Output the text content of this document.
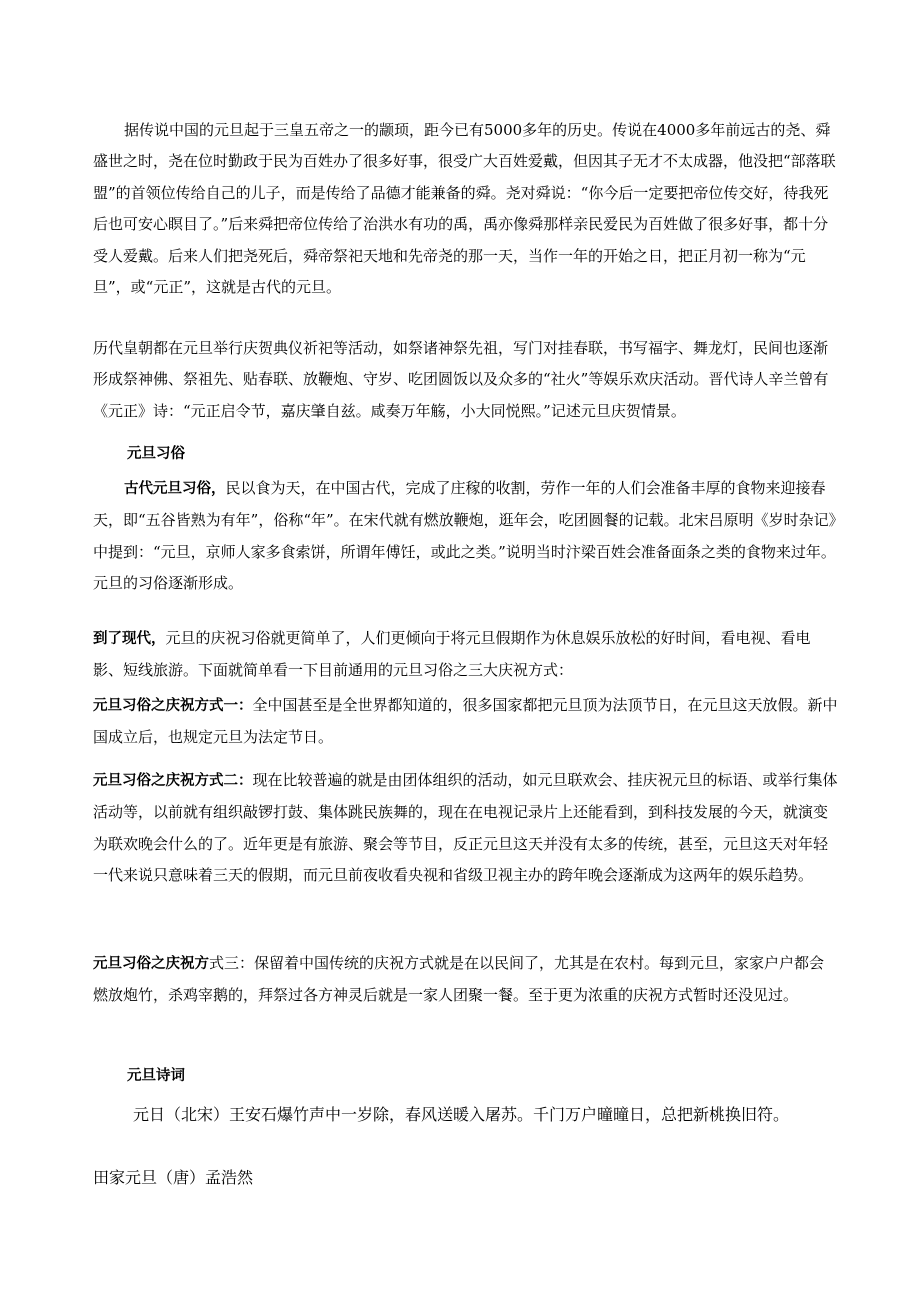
据传说中国的元旦起于三皇五帝之一的颛顼，距今已有5000多年的历史。传说在4000多年前远古的尧、舜盛世之时，尧在位时勤政于民为百姓办了很多好事，很受广大百姓爱戴，但因其子无才不太成器，他没把“部落联盟”的首领位传给自己的儿子，而是传给了品德才能兼备的舜。尧对舜说：“你今后一定要把帝位传交好，待我死后也可安心瞑目了。”后来舜把帝位传给了治洪水有功的禹，禹亦像舜那样亲民爱民为百姓做了很多好事，都十分受人爱戴。后来人们把尧死后，舜帝祭祀天地和先帝尧的那一天，当作一年的开始之日，把正月初一称为“元旦”，或“元正”，这就是古代的元旦。

历代皇朝都在元旦举行庆贺典仪祈祀等活动，如祭诸神祭先祖，写门对挂春联，书写福字、舞龙灯，民间也逐渐形成祭神佛、祭祖先、贴春联、放鞭炮、守岁、吃团圆饭以及众多的“社火”等娱乐欢庆活动。晋代诗人辛兰曾有《元正》诗：“元正启令节，嘉庆肇自兹。咸奏万年觞，小大同悦熙。”记述元旦庆贺情景。

元旦习俗

古代元旦习俗，民以食为天，在中国古代，完成了庄稼的收割，劳作一年的人们会准备丰厚的食物来迎接春天，即“五谷皆熟为有年”，俗称“年”。在宋代就有燃放鞭炮，逛年会，吃团圆餐的记载。北宋吕原明《岁时杂记》中提到：“元旦，京师人家多食索饼，所谓年傅饪，或此之类。”说明当时汴梁百姓会准备面条之类的食物来过年。元旦的习俗逐渐形成。

到了现代，元旦的庆祝习俗就更简单了，人们更倾向于将元旦假期作为休息娱乐放松的好时间，看电视、看电影、短线旅游。下面就简单看一下目前通用的元旦习俗之三大庆祝方式：

元旦习俗之庆祝方式一：全中国甚至是全世界都知道的，很多国家都把元旦顶为法顶节日，在元旦这天放假。新中国成立后，也规定元旦为法定节日。

元旦习俗之庆祝方式二：现在比较普遍的就是由团体组织的活动，如元旦联欢会、挂庆祝元旦的标语、或举行集体活动等，以前就有组织敲锣打鼓、集体跳民族舞的，现在在电视记录片上还能看到，到科技发展的今天，就演变为联欢晚会什么的了。近年更是有旅游、聚会等节目，反正元旦这天并没有太多的传统，甚至，元旦这天对年轻一代来说只意味着三天的假期，而元旦前夜收看央视和省级卫视主办的跨年晚会逐渐成为这两年的娱乐趋势。

元旦习俗之庆祝方式三：保留着中国传统的庆祝方式就是在以民间了，尤其是在农村。每到元旦，家家户户都会燃放炮竹，杀鸡宰鹅的，拜祭过各方神灵后就是一家人团聚一餐。至于更为浓重的庆祝方式暂时还没见过。

元旦诗词

元日（北宋）王安石爆竹声中一岁除，春风送暖入屠苏。千门万户曈曈日，总把新桃换旧符。

田家元旦（唐）孟浩然
